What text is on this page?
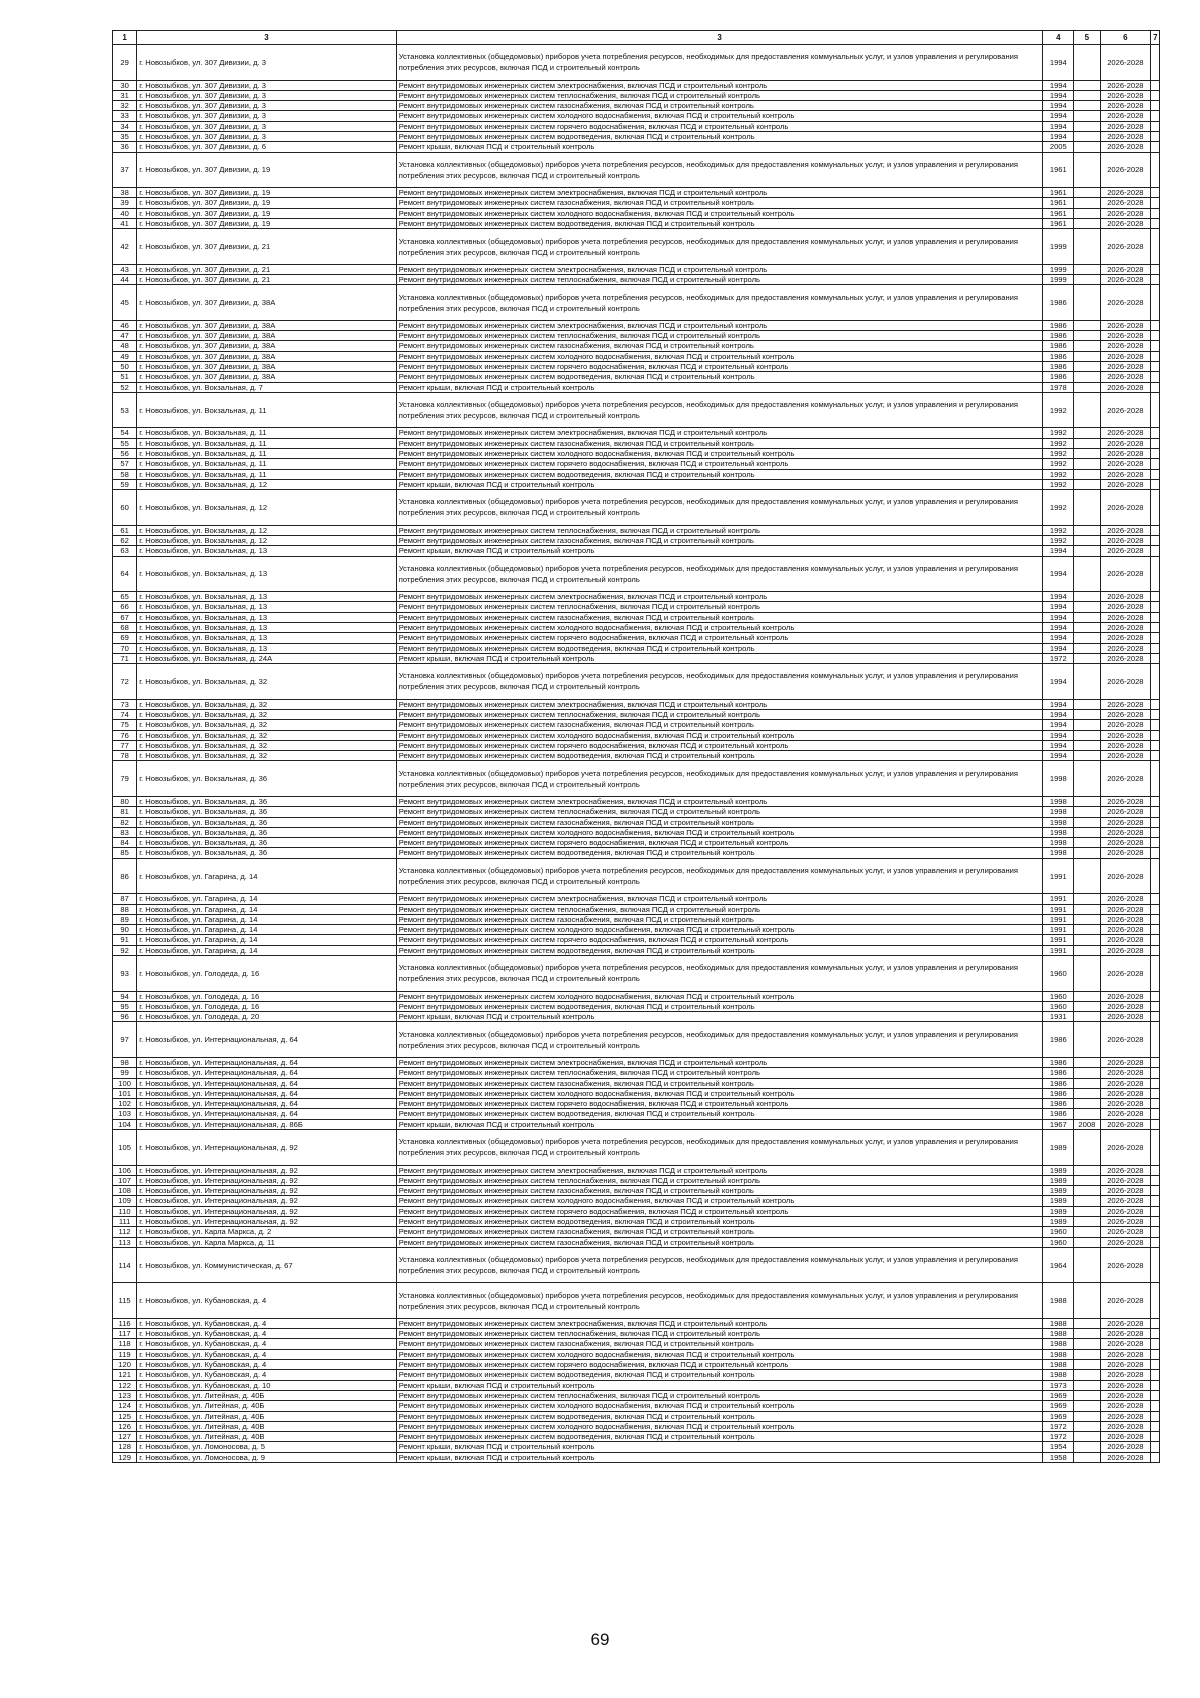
1	3	3	4	5	6	7
29	г. Новозыбков, ул. 307 Дивизии, д. 3	Установка коллективных (общедомовых) приборов учета потребления ресурсов, необходимых для предоставления коммунальных услуг, и узлов управления и регулирования потребления этих ресурсов, включая ПСД и строительный контроль	1994		2026-2028	
30	г. Новозыбков, ул. 307 Дивизии, д. 3	Ремонт внутридомовых инженерных систем электроснабжения, включая ПСД и строительный контроль	1994		2026-2028	
31	г. Новозыбков, ул. 307 Дивизии, д. 3	Ремонт внутридомовых инженерных систем теплоснабжения, включая ПСД и строительный контроль	1994		2026-2028	
32	г. Новозыбков, ул. 307 Дивизии, д. 3	Ремонт внутридомовых инженерных систем газоснабжения, включая ПСД и строительный контроль	1994		2026-2028	
33	г. Новозыбков, ул. 307 Дивизии, д. 3	Ремонт внутридомовых инженерных систем холодного водоснабжения, включая ПСД и строительный контроль	1994		2026-2028	
34	г. Новозыбков, ул. 307 Дивизии, д. 3	Ремонт внутридомовых инженерных систем горячего водоснабжения, включая ПСД и строительный контроль	1994		2026-2028	
35	г. Новозыбков, ул. 307 Дивизии, д. 3	Ремонт внутридомовых инженерных систем водоотведения, включая ПСД и строительный контроль	1994		2026-2028	
36	г. Новозыбков, ул. 307 Дивизии, д. 6	Ремонт крыши, включая ПСД и строительный контроль	2005		2026-2028	
37	г. Новозыбков, ул. 307 Дивизии, д. 19	Установка коллективных (общедомовых) приборов учета потребления ресурсов, необходимых для предоставления коммунальных услуг, и узлов управления и регулирования потребления этих ресурсов, включая ПСД и строительный контроль	1961		2026-2028	
38	г. Новозыбков, ул. 307 Дивизии, д. 19	Ремонт внутридомовых инженерных систем электроснабжения, включая ПСД и строительный контроль	1961		2026-2028	
39	г. Новозыбков, ул. 307 Дивизии, д. 19	Ремонт внутридомовых инженерных систем газоснабжения, включая ПСД и строительный контроль	1961		2026-2028	
40	г. Новозыбков, ул. 307 Дивизии, д. 19	Ремонт внутридомовых инженерных систем холодного водоснабжения, включая ПСД и строительный контроль	1961		2026-2028	
41	г. Новозыбков, ул. 307 Дивизии, д. 19	Ремонт внутридомовых инженерных систем водоотведения, включая ПСД и строительный контроль	1961		2026-2028	
42	г. Новозыбков, ул. 307 Дивизии, д. 21	Установка коллективных (общедомовых) приборов учета потребления ресурсов, необходимых для предоставления коммунальных услуг, и узлов управления и регулирования потребления этих ресурсов, включая ПСД и строительный контроль	1999		2026-2028	
43	г. Новозыбков, ул. 307 Дивизии, д. 21	Ремонт внутридомовых инженерных систем электроснабжения, включая ПСД и строительный контроль	1999		2026-2028	
44	г. Новозыбков, ул. 307 Дивизии, д. 21	Ремонт внутридомовых инженерных систем теплоснабжения, включая ПСД и строительный контроль	1999		2026-2028	
45	г. Новозыбков, ул. 307 Дивизии, д. 38А	Установка коллективных (общедомовых) приборов учета потребления ресурсов, необходимых для предоставления коммунальных услуг, и узлов управления и регулирования потребления этих ресурсов, включая ПСД и строительный контроль	1986		2026-2028	
46	г. Новозыбков, ул. 307 Дивизии, д. 38А	Ремонт внутридомовых инженерных систем электроснабжения, включая ПСД и строительный контроль	1986		2026-2028	
47	г. Новозыбков, ул. 307 Дивизии, д. 38А	Ремонт внутридомовых инженерных систем теплоснабжения, включая ПСД и строительный контроль	1986		2026-2028	
48	г. Новозыбков, ул. 307 Дивизии, д. 38А	Ремонт внутридомовых инженерных систем газоснабжения, включая ПСД и строительный контроль	1986		2026-2028	
49	г. Новозыбков, ул. 307 Дивизии, д. 38А	Ремонт внутридомовых инженерных систем холодного водоснабжения, включая ПСД и строительный контроль	1986		2026-2028	
50	г. Новозыбков, ул. 307 Дивизии, д. 38А	Ремонт внутридомовых инженерных систем горячего водоснабжения, включая ПСД и строительный контроль	1986		2026-2028	
51	г. Новозыбков, ул. 307 Дивизии, д. 38А	Ремонт внутридомовых инженерных систем водоотведения, включая ПСД и строительный контроль	1986		2026-2028	
52	г. Новозыбков, ул. Вокзальная, д. 7	Ремонт крыши, включая ПСД и строительный контроль	1978		2026-2028	
53	г. Новозыбков, ул. Вокзальная, д. 11	Установка коллективных (общедомовых) приборов учета потребления ресурсов, необходимых для предоставления коммунальных услуг, и узлов управления и регулирования потребления этих ресурсов, включая ПСД и строительный контроль	1992		2026-2028	
54	г. Новозыбков, ул. Вокзальная, д. 11	Ремонт внутридомовых инженерных систем электроснабжения, включая ПСД и строительный контроль	1992		2026-2028	
55	г. Новозыбков, ул. Вокзальная, д. 11	Ремонт внутридомовых инженерных систем газоснабжения, включая ПСД и строительный контроль	1992		2026-2028	
56	г. Новозыбков, ул. Вокзальная, д. 11	Ремонт внутридомовых инженерных систем холодного водоснабжения, включая ПСД и строительный контроль	1992		2026-2028	
57	г. Новозыбков, ул. Вокзальная, д. 11	Ремонт внутридомовых инженерных систем горячего водоснабжения, включая ПСД и строительный контроль	1992		2026-2028	
58	г. Новозыбков, ул. Вокзальная, д. 11	Ремонт внутридомовых инженерных систем водоотведения, включая ПСД и строительный контроль	1992		2026-2028	
59	г. Новозыбков, ул. Вокзальная, д. 12	Ремонт крыши, включая ПСД и строительный контроль	1992		2026-2028	
60	г. Новозыбков, ул. Вокзальная, д. 12	Установка коллективных (общедомовых) приборов учета потребления ресурсов, необходимых для предоставления коммунальных услуг, и узлов управления и регулирования потребления этих ресурсов, включая ПСД и строительный контроль	1992		2026-2028	
61	г. Новозыбков, ул. Вокзальная, д. 12	Ремонт внутридомовых инженерных систем теплоснабжения, включая ПСД и строительный контроль	1992		2026-2028	
62	г. Новозыбков, ул. Вокзальная, д. 12	Ремонт внутридомовых инженерных систем газоснабжения, включая ПСД и строительный контроль	1992		2026-2028	
63	г. Новозыбков, ул. Вокзальная, д. 13	Ремонт крыши, включая ПСД и строительный контроль	1994		2026-2028	
64	г. Новозыбков, ул. Вокзальная, д. 13	Установка коллективных (общедомовых) приборов учета потребления ресурсов, необходимых для предоставления коммунальных услуг, и узлов управления и регулирования потребления этих ресурсов, включая ПСД и строительный контроль	1994		2026-2028	
65	г. Новозыбков, ул. Вокзальная, д. 13	Ремонт внутридомовых инженерных систем электроснабжения, включая ПСД и строительный контроль	1994		2026-2028	
66	г. Новозыбков, ул. Вокзальная, д. 13	Ремонт внутридомовых инженерных систем теплоснабжения, включая ПСД и строительный контроль	1994		2026-2028	
67	г. Новозыбков, ул. Вокзальная, д. 13	Ремонт внутридомовых инженерных систем газоснабжения, включая ПСД и строительный контроль	1994		2026-2028	
68	г. Новозыбков, ул. Вокзальная, д. 13	Ремонт внутридомовых инженерных систем холодного водоснабжения, включая ПСД и строительный контроль	1994		2026-2028	
69	г. Новозыбков, ул. Вокзальная, д. 13	Ремонт внутридомовых инженерных систем горячего водоснабжения, включая ПСД и строительный контроль	1994		2026-2028	
70	г. Новозыбков, ул. Вокзальная, д. 13	Ремонт внутридомовых инженерных систем водоотведения, включая ПСД и строительный контроль	1994		2026-2028	
71	г. Новозыбков, ул. Вокзальная, д. 24А	Ремонт крыши, включая ПСД и строительный контроль	1972		2026-2028	
72	г. Новозыбков, ул. Вокзальная, д. 32	Установка коллективных (общедомовых) приборов учета потребления ресурсов, необходимых для предоставления коммунальных услуг, и узлов управления и регулирования потребления этих ресурсов, включая ПСД и строительный контроль	1994		2026-2028	
73	г. Новозыбков, ул. Вокзальная, д. 32	Ремонт внутридомовых инженерных систем электроснабжения, включая ПСД и строительный контроль	1994		2026-2028	
74	г. Новозыбков, ул. Вокзальная, д. 32	Ремонт внутридомовых инженерных систем теплоснабжения, включая ПСД и строительный контроль	1994		2026-2028	
75	г. Новозыбков, ул. Вокзальная, д. 32	Ремонт внутридомовых инженерных систем газоснабжения, включая ПСД и строительный контроль	1994		2026-2028	
76	г. Новозыбков, ул. Вокзальная, д. 32	Ремонт внутридомовых инженерных систем холодного водоснабжения, включая ПСД и строительный контроль	1994		2026-2028	
77	г. Новозыбков, ул. Вокзальная, д. 32	Ремонт внутридомовых инженерных систем горячего водоснабжения, включая ПСД и строительный контроль	1994		2026-2028	
78	г. Новозыбков, ул. Вокзальная, д. 32	Ремонт внутридомовых инженерных систем водоотведения, включая ПСД и строительный контроль	1994		2026-2028	
79	г. Новозыбков, ул. Вокзальная, д. 36	Установка коллективных (общедомовых) приборов учета потребления ресурсов, необходимых для предоставления коммунальных услуг, и узлов управления и регулирования потребления этих ресурсов, включая ПСД и строительный контроль	1998		2026-2028	
80	г. Новозыбков, ул. Вокзальная, д. 36	Ремонт внутридомовых инженерных систем электроснабжения, включая ПСД и строительный контроль	1998		2026-2028	
81	г. Новозыбков, ул. Вокзальная, д. 36	Ремонт внутридомовых инженерных систем теплоснабжения, включая ПСД и строительный контроль	1998		2026-2028	
82	г. Новозыбков, ул. Вокзальная, д. 36	Ремонт внутридомовых инженерных систем газоснабжения, включая ПСД и строительный контроль	1998		2026-2028	
83	г. Новозыбков, ул. Вокзальная, д. 36	Ремонт внутридомовых инженерных систем холодного водоснабжения, включая ПСД и строительный контроль	1998		2026-2028	
84	г. Новозыбков, ул. Вокзальная, д. 36	Ремонт внутридомовых инженерных систем горячего водоснабжения, включая ПСД и строительный контроль	1998		2026-2028	
85	г. Новозыбков, ул. Вокзальная, д. 36	Ремонт внутридомовых инженерных систем водоотведения, включая ПСД и строительный контроль	1998		2026-2028	
86	г. Новозыбков, ул. Гагарина, д. 14	Установка коллективных (общедомовых) приборов учета потребления ресурсов, необходимых для предоставления коммунальных услуг, и узлов управления и регулирования потребления этих ресурсов, включая ПСД и строительный контроль	1991		2026-2028	
87	г. Новозыбков, ул. Гагарина, д. 14	Ремонт внутридомовых инженерных систем электроснабжения, включая ПСД и строительный контроль	1991		2026-2028	
88	г. Новозыбков, ул. Гагарина, д. 14	Ремонт внутридомовых инженерных систем теплоснабжения, включая ПСД и строительный контроль	1991		2026-2028	
89	г. Новозыбков, ул. Гагарина, д. 14	Ремонт внутридомовых инженерных систем газоснабжения, включая ПСД и строительный контроль	1991		2026-2028	
90	г. Новозыбков, ул. Гагарина, д. 14	Ремонт внутридомовых инженерных систем холодного водоснабжения, включая ПСД и строительный контроль	1991		2026-2028	
91	г. Новозыбков, ул. Гагарина, д. 14	Ремонт внутридомовых инженерных систем горячего водоснабжения, включая ПСД и строительный контроль	1991		2026-2028	
92	г. Новозыбков, ул. Гагарина, д. 14	Ремонт внутридомовых инженерных систем водоотведения, включая ПСД и строительный контроль	1991		2026-2028	
93	г. Новозыбков, ул. Голодеда, д. 16	Установка коллективных (общедомовых) приборов учета потребления ресурсов, необходимых для предоставления коммунальных услуг, и узлов управления и регулирования потребления этих ресурсов, включая ПСД и строительный контроль	1960		2026-2028	
94	г. Новозыбков, ул. Голодеда, д. 16	Ремонт внутридомовых инженерных систем холодного водоснабжения, включая ПСД и строительный контроль	1960		2026-2028	
95	г. Новозыбков, ул. Голодеда, д. 16	Ремонт внутридомовых инженерных систем водоотведения, включая ПСД и строительный контроль	1960		2026-2028	
96	г. Новозыбков, ул. Голодеда, д. 20	Ремонт крыши, включая ПСД и строительный контроль	1931		2026-2028	
97	г. Новозыбков, ул. Интернациональная, д. 64	Установка коллективных (общедомовых) приборов учета потребления ресурсов, необходимых для предоставления коммунальных услуг, и узлов управления и регулирования потребления этих ресурсов, включая ПСД и строительный контроль	1986		2026-2028	
98	г. Новозыбков, ул. Интернациональная, д. 64	Ремонт внутридомовых инженерных систем электроснабжения, включая ПСД и строительный контроль	1986		2026-2028	
99	г. Новозыбков, ул. Интернациональная, д. 64	Ремонт внутридомовых инженерных систем теплоснабжения, включая ПСД и строительный контроль	1986		2026-2028	
100	г. Новозыбков, ул. Интернациональная, д. 64	Ремонт внутридомовых инженерных систем газоснабжения, включая ПСД и строительный контроль	1986		2026-2028	
101	г. Новозыбков, ул. Интернациональная, д. 64	Ремонт внутридомовых инженерных систем холодного водоснабжения, включая ПСД и строительный контроль	1986		2026-2028	
102	г. Новозыбков, ул. Интернациональная, д. 64	Ремонт внутридомовых инженерных систем горячего водоснабжения, включая ПСД и строительный контроль	1986		2026-2028	
103	г. Новозыбков, ул. Интернациональная, д. 64	Ремонт внутридомовых инженерных систем водоотведения, включая ПСД и строительный контроль	1986		2026-2028	
104	г. Новозыбков, ул. Интернациональная, д. 86Б	Ремонт крыши, включая ПСД и строительный контроль	1967	2008	2026-2028	
105	г. Новозыбков, ул. Интернациональная, д. 92	Установка коллективных (общедомовых) приборов учета потребления ресурсов, необходимых для предоставления коммунальных услуг, и узлов управления и регулирования потребления этих ресурсов, включая ПСД и строительный контроль	1989		2026-2028	
106	г. Новозыбков, ул. Интернациональная, д. 92	Ремонт внутридомовых инженерных систем электроснабжения, включая ПСД и строительный контроль	1989		2026-2028	
107	г. Новозыбков, ул. Интернациональная, д. 92	Ремонт внутридомовых инженерных систем теплоснабжения, включая ПСД и строительный контроль	1989		2026-2028	
108	г. Новозыбков, ул. Интернациональная, д. 92	Ремонт внутридомовых инженерных систем газоснабжения, включая ПСД и строительный контроль	1989		2026-2028	
109	г. Новозыбков, ул. Интернациональная, д. 92	Ремонт внутридомовых инженерных систем холодного водоснабжения, включая ПСД и строительный контроль	1989		2026-2028	
110	г. Новозыбков, ул. Интернациональная, д. 92	Ремонт внутридомовых инженерных систем горячего водоснабжения, включая ПСД и строительный контроль	1989		2026-2028	
111	г. Новозыбков, ул. Интернациональная, д. 92	Ремонт внутридомовых инженерных систем водоотведения, включая ПСД и строительный контроль	1989		2026-2028	
112	г. Новозыбков, ул. Карла Маркса, д. 2	Ремонт внутридомовых инженерных систем газоснабжения, включая ПСД и строительный контроль	1960		2026-2028	
113	г. Новозыбков, ул. Карла Маркса, д. 11	Ремонт внутридомовых инженерных систем газоснабжения, включая ПСД и строительный контроль	1960		2026-2028	
114	г. Новозыбков, ул. Коммунистическая, д. 67	Установка коллективных (общедомовых) приборов учета потребления ресурсов, необходимых для предоставления коммунальных услуг, и узлов управления и регулирования потребления этих ресурсов, включая ПСД и строительный контроль	1964		2026-2028	
115	г. Новозыбков, ул. Кубановская, д. 4	Установка коллективных (общедомовых) приборов учета потребления ресурсов, необходимых для предоставления коммунальных услуг, и узлов управления и регулирования потребления этих ресурсов, включая ПСД и строительный контроль	1988		2026-2028	
116	г. Новозыбков, ул. Кубановская, д. 4	Ремонт внутридомовых инженерных систем электроснабжения, включая ПСД и строительный контроль	1988		2026-2028	
117	г. Новозыбков, ул. Кубановская, д. 4	Ремонт внутридомовых инженерных систем теплоснабжения, включая ПСД и строительный контроль	1988		2026-2028	
118	г. Новозыбков, ул. Кубановская, д. 4	Ремонт внутридомовых инженерных систем газоснабжения, включая ПСД и строительный контроль	1988		2026-2028	
119	г. Новозыбков, ул. Кубановская, д. 4	Ремонт внутридомовых инженерных систем холодного водоснабжения, включая ПСД и строительный контроль	1988		2026-2028	
120	г. Новозыбков, ул. Кубановская, д. 4	Ремонт внутридомовых инженерных систем горячего водоснабжения, включая ПСД и строительный контроль	1988		2026-2028	
121	г. Новозыбков, ул. Кубановская, д. 4	Ремонт внутридомовых инженерных систем водоотведения, включая ПСД и строительный контроль	1988		2026-2028	
122	г. Новозыбков, ул. Кубановская, д. 10	Ремонт крыши, включая ПСД и строительный контроль	1973		2026-2028	
123	г. Новозыбков, ул. Литейная, д. 40Б	Ремонт внутридомовых инженерных систем теплоснабжения, включая ПСД и строительный контроль	1969		2026-2028	
124	г. Новозыбков, ул. Литейная, д. 40Б	Ремонт внутридомовых инженерных систем холодного водоснабжения, включая ПСД и строительный контроль	1969		2026-2028	
125	г. Новозыбков, ул. Литейная, д. 40Б	Ремонт внутридомовых инженерных систем водоотведения, включая ПСД и строительный контроль	1969		2026-2028	
126	г. Новозыбков, ул. Литейная, д. 40В	Ремонт внутридомовых инженерных систем холодного водоснабжения, включая ПСД и строительный контроль	1972		2026-2028	
127	г. Новозыбков, ул. Литейная, д. 40В	Ремонт внутридомовых инженерных систем водоотведения, включая ПСД и строительный контроль	1972		2026-2028	
128	г. Новозыбков, ул. Ломоносова, д. 5	Ремонт крыши, включая ПСД и строительный контроль	1954		2026-2028	
129	г. Новозыбков, ул. Ломоносова, д. 9	Ремонт крыши, включая ПСД и строительный контроль	1958		2026-2028	
69
